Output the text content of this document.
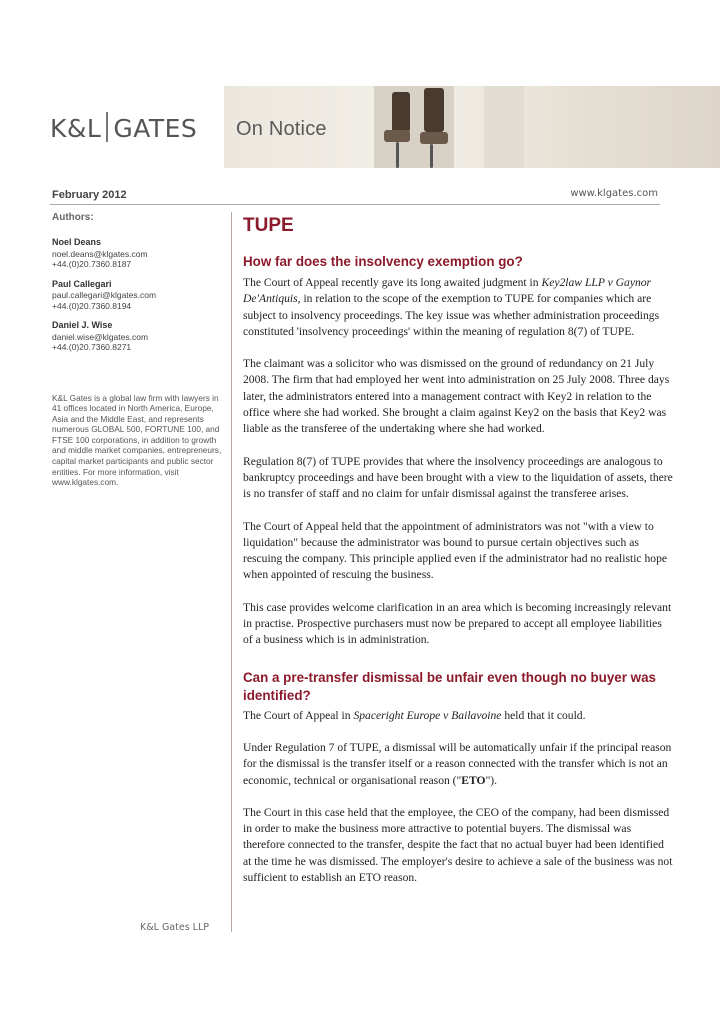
K&L GATES On Notice
February 2012	www.klgates.com
Authors:
Noel Deans
noel.deans@klgates.com
+44.(0)20.7360.8187
Paul Callegari
paul.callegari@klgates.com
+44.(0)20.7360.8194
Daniel J. Wise
daniel.wise@klgates.com
+44.(0)20.7360.8271
K&L Gates is a global law firm with lawyers in 41 offices located in North America, Europe, Asia and the Middle East, and represents numerous GLOBAL 500, FORTUNE 100, and FTSE 100 corporations, in addition to growth and middle market companies, entrepreneurs, capital market participants and public sector entities. For more information, visit www.klgates.com.
TUPE
How far does the insolvency exemption go?

The Court of Appeal recently gave its long awaited judgment in Key2law LLP v Gaynor De'Antiquis, in relation to the scope of the exemption to TUPE for companies which are subject to insolvency proceedings. The key issue was whether administration proceedings constituted 'insolvency proceedings' within the meaning of regulation 8(7) of TUPE.

The claimant was a solicitor who was dismissed on the ground of redundancy on 21 July 2008. The firm that had employed her went into administration on 25 July 2008. Three days later, the administrators entered into a management contract with Key2 in relation to the office where she had worked. She brought a claim against Key2 on the basis that Key2 was liable as the transferee of the undertaking where she had worked.

Regulation 8(7) of TUPE provides that where the insolvency proceedings are analogous to bankruptcy proceedings and have been brought with a view to the liquidation of assets, there is no transfer of staff and no claim for unfair dismissal against the transferee arises.

The Court of Appeal held that the appointment of administrators was not "with a view to liquidation" because the administrator was bound to pursue certain objectives such as rescuing the company. This principle applied even if the administrator had no realistic hope when appointed of rescuing the business.

This case provides welcome clarification in an area which is becoming increasingly relevant in practise. Prospective purchasers must now be prepared to accept all employee liabilities of a business which is in administration.

Can a pre-transfer dismissal be unfair even though no buyer was identified?

The Court of Appeal in Spaceright Europe v Bailavoine held that it could.

Under Regulation 7 of TUPE, a dismissal will be automatically unfair if the principal reason for the dismissal is the transfer itself or a reason connected with the transfer which is not an economic, technical or organisational reason ("ETO").

The Court in this case held that the employee, the CEO of the company, had been dismissed in order to make the business more attractive to potential buyers. The dismissal was therefore connected to the transfer, despite the fact that no actual buyer had been identified at the time he was dismissed. The employer's desire to achieve a sale of the business was not sufficient to establish an ETO reason.

K&L Gates LLP
